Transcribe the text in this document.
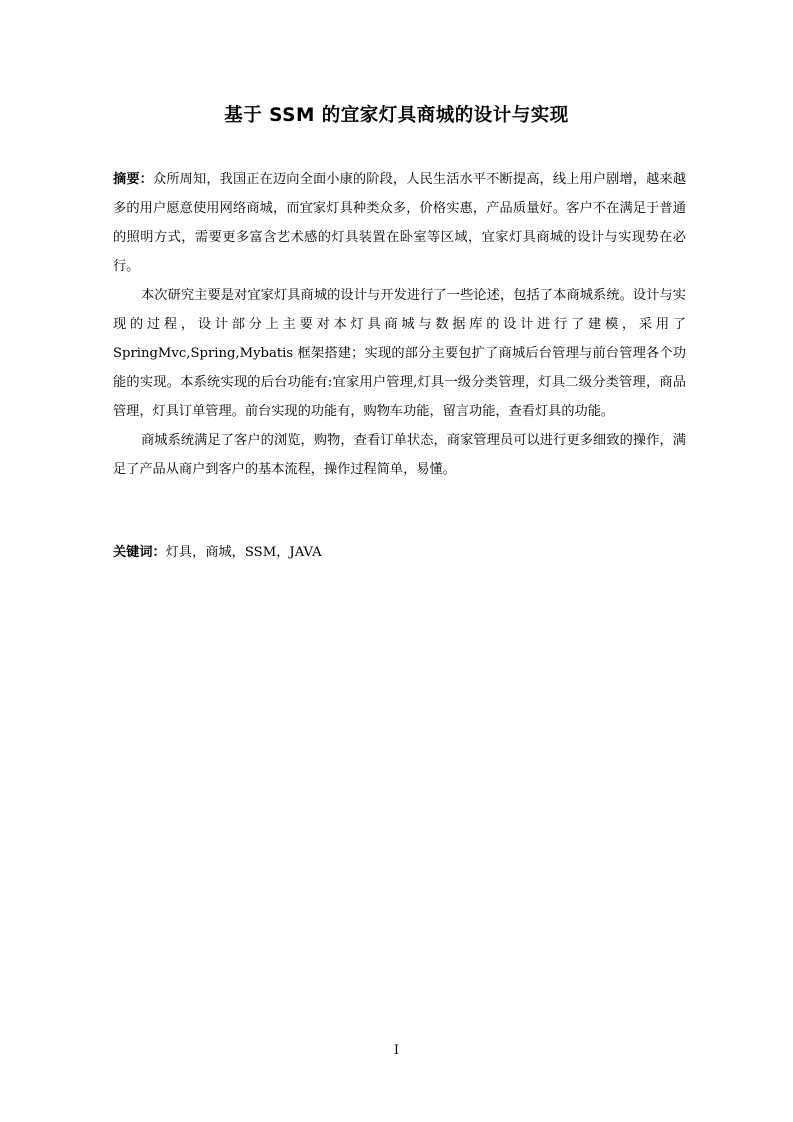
基于 SSM 的宜家灯具商城的设计与实现

摘要：众所周知，我国正在迈向全面小康的阶段，人民生活水平不断提高，线上用户剧增，越来越多的用户愿意使用网络商城，而宜家灯具种类众多，价格实惠，产品质量好。客户不在满足于普通的照明方式，需要更多富含艺术感的灯具装置在卧室等区域，宜家灯具商城的设计与实现势在必行。

本次研究主要是对宜家灯具商城的设计与开发进行了一些论述，包括了本商城系统。设计与实现的过程，设计部分上主要对本灯具商城与数据库的设计进行了建模，采用了SpringMvc,Spring,Mybatis 框架搭建；实现的部分主要包扩了商城后台管理与前台管理各个功能的实现。本系统实现的后台功能有:宜家用户管理,灯具一级分类管理，灯具二级分类管理，商品管理，灯具订单管理。前台实现的功能有，购物车功能，留言功能，查看灯具的功能。

商城系统满足了客户的浏览，购物，查看订单状态，商家管理员可以进行更多细致的操作，满足了产品从商户到客户的基本流程，操作过程简单，易懂。

关键词：灯具，商城，SSM，JAVA
I
